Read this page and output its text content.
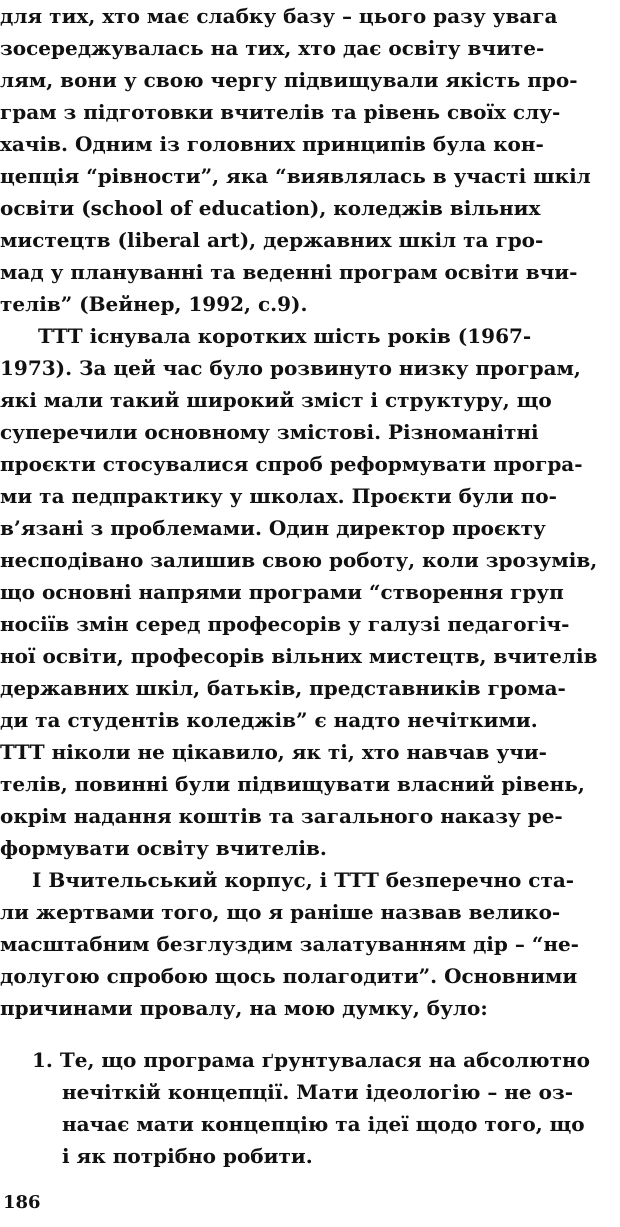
для тих, хто має слабку базу – цього разу увага
зосереджувалась на тих, хто дає освіту вчите-
лям, вони у свою чергу підвищували якість про-
грам з підготовки вчителів та рівень своїх слу-
хачів. Одним із головних принципів була кон-
цепція “рівности”, яка “виявлялась в участі шкіл
освіти (school of education), коледжів вільних
мистецтв (liberal art), державних шкіл та гро-
мад у плануванні та веденні програм освіти вчи-
телів” (Вейнер, 1992, с.9).
ТТТ існувала коротких шість років (1967-
1973). За цей час було розвинуто низку програм,
які мали такий широкий зміст і структуру, що
суперечили основному змістові. Різноманітні
проєкти стосувалися спроб реформувати програ-
ми та педпрактику у школах. Проєкти були по-
в’язані з проблемами. Один директор проєкту
несподівано залишив свою роботу, коли зрозумів,
що основні напрями програми “створення груп
носіїв змін серед професорів у галузі педагогіч-
ної освіти, професорів вільних мистецтв, вчителів
державних шкіл, батьків, представників грома-
ди та студентів коледжів” є надто нечіткими.
ТТТ ніколи не цікавило, як ті, хто навчав учи-
телів, повинні були підвищувати власний рівень,
окрім надання коштів та загального наказу ре-
формувати освіту вчителів.
І Вчительський корпус, і ТТТ безперечно ста-
ли жертвами того, що я раніше назвав велико-
масштабним безглуздим залатуванням дір – “не-
долугою спробою щось полагодити”. Основними
причинами провалу, на мою думку, було:
1. Те, що програма ґрунтувалася на абсолютно
нечіткій концепції. Мати ідеологію – не оз-
начає мати концепцію та ідеї щодо того, що
і як потрібно робити.
186
